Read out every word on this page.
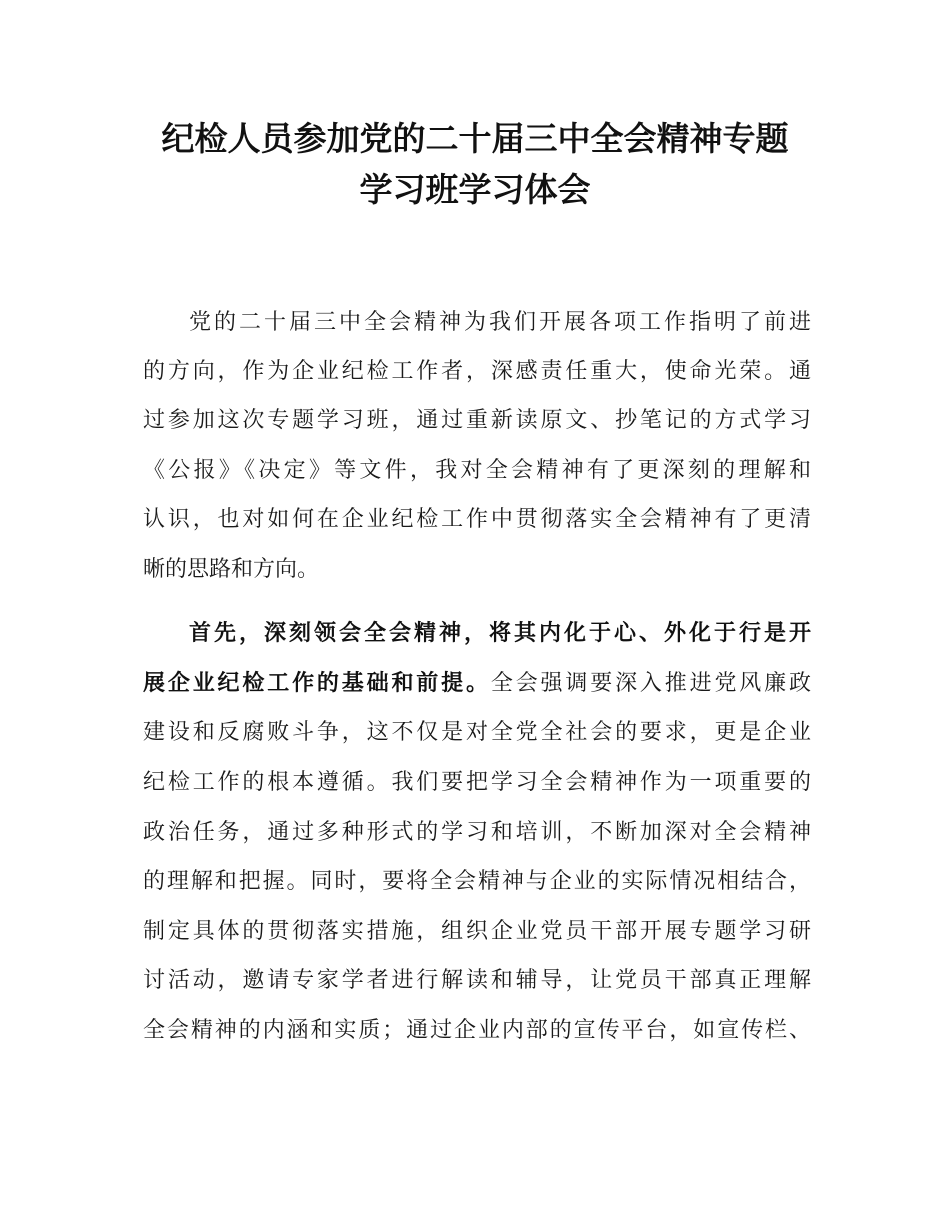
纪检人员参加党的二十届三中全会精神专题
学习班学习体会
党的二十届三中全会精神为我们开展各项工作指明了前进
的方向，作为企业纪检工作者，深感责任重大，使命光荣。通
过参加这次专题学习班，通过重新读原文、抄笔记的方式学习
《公报》《决定》等文件，我对全会精神有了更深刻的理解和
认识，也对如何在企业纪检工作中贯彻落实全会精神有了更清
晰的思路和方向。
首先，深刻领会全会精神，将其内化于心、外化于行是开
展企业纪检工作的基础和前提。全会强调要深入推进党风廉政
建设和反腐败斗争，这不仅是对全党全社会的要求，更是企业
纪检工作的根本遵循。我们要把学习全会精神作为一项重要的
政治任务，通过多种形式的学习和培训，不断加深对全会精神
的理解和把握。同时，要将全会精神与企业的实际情况相结合，
制定具体的贯彻落实措施，组织企业党员干部开展专题学习研
讨活动，邀请专家学者进行解读和辅导，让党员干部真正理解
全会精神的内涵和实质；通过企业内部的宣传平台，如宣传栏、
